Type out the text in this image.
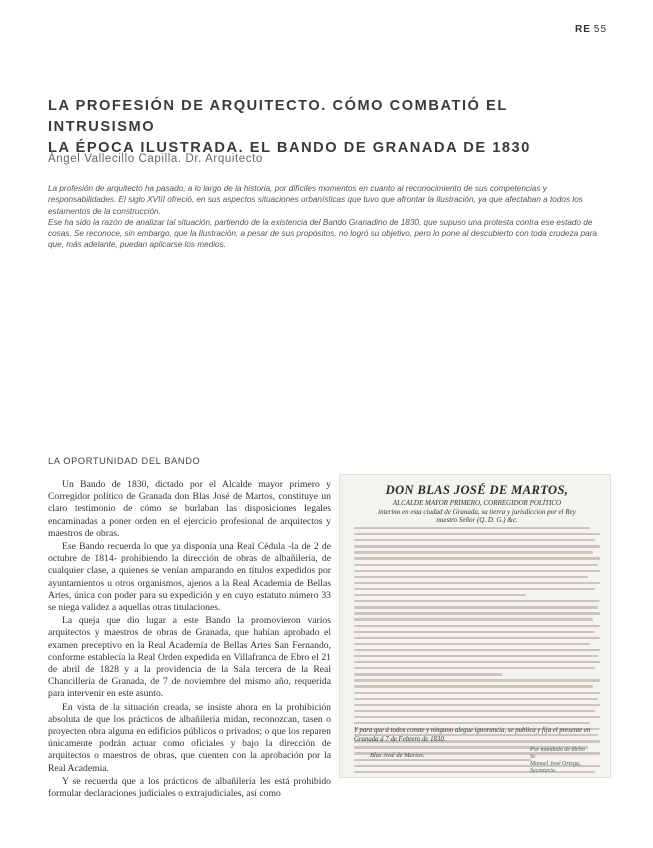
RE 55
LA PROFESIÓN DE ARQUITECTO. CÓMO COMBATIÓ EL INTRUSISMO
LA ÉPOCA ILUSTRADA. EL BANDO DE GRANADA DE 1830
Ángel Vallecillo Capilla. Dr. Arquitecto

La profesión de arquitecto ha pasado, a lo largo de la historia, por difíciles momentos en cuanto al reconocimiento de sus competencias y responsabilidades. El siglo XVIII ofreció, en sus aspectos situaciones urbanísticas que tuvo que afrontar la Ilustración, ya que afectaban a todos los estamentos de la construcción.

Ese ha sido la razón de analizar tal situación, partiendo de la existencia del Bando Granadino de 1830, que supuso una protesta contra ese estado de cosas. Se reconoce, sin embargo, que la Ilustración, a pesar de sus propósitos, no logró su objetivo, pero lo pone al descubierto con toda crudeza para que, más adelante, puedan aplicarse los medios.

LA OPORTUNIDAD DEL BANDO

Un Bando de 1830, dictado por el Alcalde mayor primero y Corregidor político de Granada don Blas José de Martos, constituye un claro testimonio de cómo se burlaban las disposiciones legales encaminadas a poner orden en el ejercicio profesional de arquitectos y maestros de obras.

Ese Bando recuerda lo que ya disponía una Real Cédula -la de 2 de octubre de 1814- prohibiendo la dirección de obras de albañilería, de cualquier clase, a quienes se venían amparando en títulos expedidos por ayuntamientos u otros organismos, ajenos a la Real Academia de Bellas Artes, única con poder para su expedición y en cuyo estatuto número 33 se niega validez a aquellas otras titulaciones.

La queja que dio lugar a este Bando la promovieron varios arquitectos y maestros de obras de Granada, que habían aprobado el examen preceptivo en la Real Academia de Bellas Artes San Fernando, conforme establecía la Real Orden expedida en Villafranca de Ebro el 21 de abril de 1828 y a la providencia de la Sala tercera de la Real Chancillería de Granada, de 7 de noviembre del mismo año, requerida para intervenir en este asunto.

En vista de la situación creada, se insiste ahora en la prohibición absoluta de que los prácticos de albañilería midan, reconozcan, tasen o proyecten obra alguna en edificios públicos o privados; o que los reparen únicamente podrán actuar como oficiales y bajo la dirección de arquitectos o maestros de obras, que cuenten con la aprobación por la Real Academia.

Y se recuerda que a los prácticos de albañilería les está prohibido formular declaraciones judiciales o extrajudiciales, así como

DON BLAS JOSÉ DE MARTOS,
ALCALDE MAYOR PRIMERO, CORREGIDOR POLÍTICO
interino en esta ciudad de Granada, su tierra y jurisdiccion por el Rey
nuestro Señor (Q. D. G.) &c.
Y para que á todos conste y ninguno alegue ignorancia, se publica y fija el presente en Granada á 7 de Febrero de 1830.
Blas José de Martos.
Por mandado de dicho Sr.
Manuel José Ortega,
Secretario.
